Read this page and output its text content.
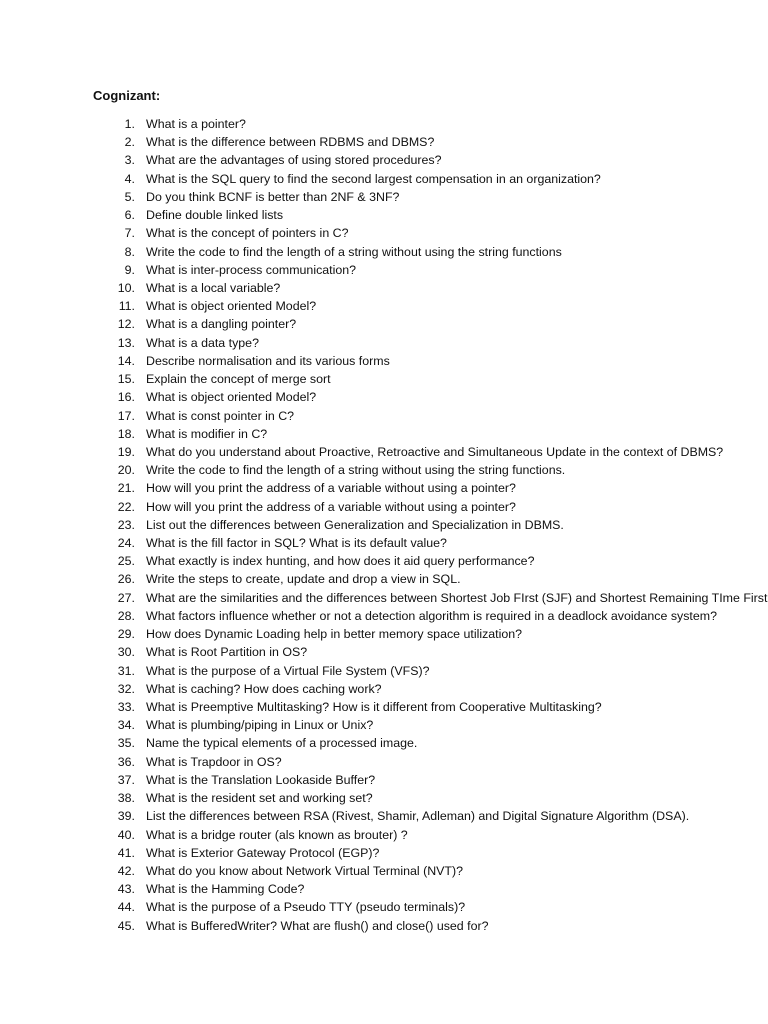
Cognizant:
1. What is a pointer?
2. What is the difference between RDBMS and DBMS?
3. What are the advantages of using stored procedures?
4. What is the SQL query to find the second largest compensation in an organization?
5. Do you think BCNF is better than 2NF & 3NF?
6. Define double linked lists
7. What is the concept of pointers in C?
8. Write the code to find the length of a string without using the string functions
9. What is inter-process communication?
10. What is a local variable?
11. What is object oriented Model?
12. What is a dangling pointer?
13. What is a data type?
14. Describe normalisation and its various forms
15. Explain the concept of merge sort
16. What is object oriented Model?
17. What is const pointer in C?
18. What is modifier in C?
19. What do you understand about Proactive, Retroactive and Simultaneous Update in the context of DBMS?
20. Write the code to find the length of a string without using the string functions.
21. How will you print the address of a variable without using a pointer?
22. How will you print the address of a variable without using a pointer?
23. List out the differences between Generalization and Specialization in DBMS.
24. What is the fill factor in SQL? What is its default value?
25. What exactly is index hunting, and how does it aid query performance?
26. Write the steps to create, update and drop a view in SQL.
27. What are the similarities and the differences between Shortest Job FIrst (SJF) and Shortest Remaining TIme First
28. What factors influence whether or not a detection algorithm is required in a deadlock avoidance system?
29. How does Dynamic Loading help in better memory space utilization?
30. What is Root Partition in OS?
31. What is the purpose of a Virtual File System (VFS)?
32. What is caching? How does caching work?
33. What is Preemptive Multitasking? How is it different from Cooperative Multitasking?
34. What is plumbing/piping in Linux or Unix?
35. Name the typical elements of a processed image.
36. What is Trapdoor in OS?
37. What is the Translation Lookaside Buffer?
38. What is the resident set and working set?
39. List the differences between RSA (Rivest, Shamir, Adleman) and Digital Signature Algorithm (DSA).
40. What is a bridge router (als known as brouter) ?
41. What is Exterior Gateway Protocol (EGP)?
42. What do you know about Network Virtual Terminal (NVT)?
43. What is the Hamming Code?
44. What is the purpose of a Pseudo TTY (pseudo terminals)?
45. What is BufferedWriter? What are flush() and close() used for?
